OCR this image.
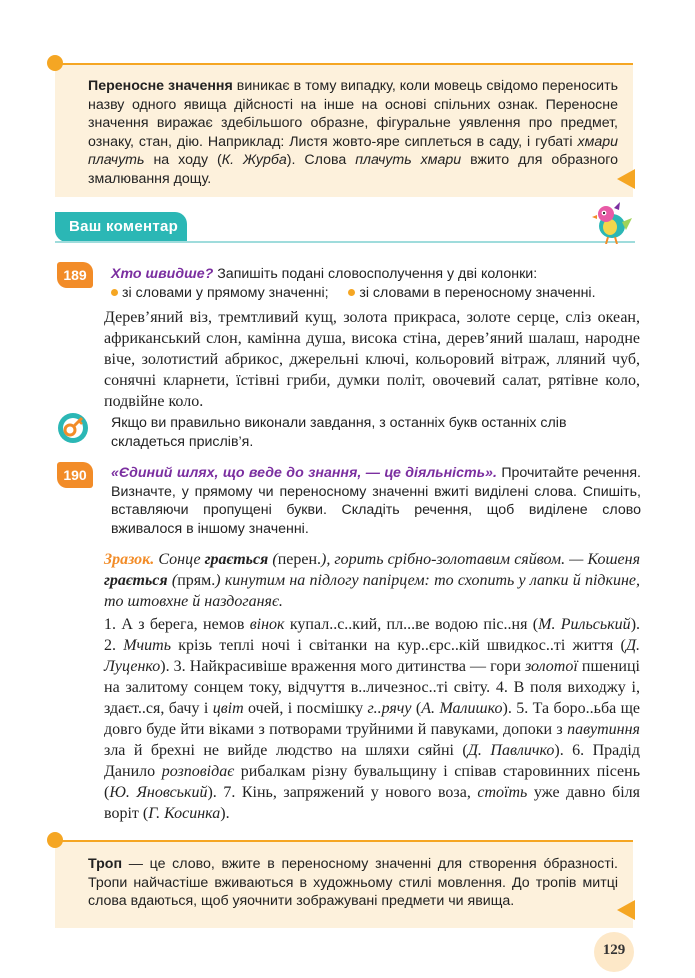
Переносне значення виникає в тому випадку, коли мовець свідомо переносить назву одного явища дійсності на інше на основі спільних ознак. Переносне значення виражає здебільшого образне, фігуральне уявлення про предмет, ознаку, стан, дію. Наприклад: Листя жовто-яре сиплеться в саду, і губаті хмари плачуть на ходу (К. Журба). Слова плачуть хмари вжито для образного змалювання дощу.

Ваш коментар
189	Хто швидше? Запишіть подані словосполучення у дві колонки:
зі словами у прямому значенні; зі словами в переносному значенні.
Дерев’яний віз, тремтливий кущ, золота прикраса, золоте серце, сліз океан, африканський слон, камінна душа, висока стіна, дерев’яний шалаш, народне віче, золотистий абрикос, джерельні ключі, кольоровий вітраж, лляний чуб, сонячні кларнети, їстівні гриби, думки політ, овочевий салат, рятівне коло, подвійне коло.
Якщо ви правильно виконали завдання, з останніх букв останніх слів складеться прислів’я.
190	«Єдиний шлях, що веде до знання, — це діяльність». Прочитайте речення. Визначте, у прямому чи переносному значенні вжиті виділені слова. Спишіть, вставляючи пропущені букви. Складіть речення, щоб виділене слово вживалося в іншому значенні.
Зразок. Сонце грається (перен.), горить срібно-золотавим сяйвом. — Кошеня грається (прям.) кинутим на підлогу папірцем: то схопить у лапки й підкине, то штовхне й наздоганяє.
1. А з берега, немов вінок купал..с..кий, пл...ве водою піс..ня (М. Рильський). 2. Мчить крізь теплі ночі і світанки на кур..єрс..кій швидкос..ті життя (Д. Луценко). 3. Найкрасивіше враження мого дитинства — гори золотої пшениці на залитому сонцем току, відчуття в..личезнос..ті світу. 4. В поля виходжу і, здаєт..ся, бачу і цвіт очей, і посмішку г..рячу (А. Малишко). 5. Та боро..ьба ще довго буде йти віками з потворами труйними й павуками, допоки з павутиння зла й брехні не вийде людство на шляхи сяйні (Д. Павличко). 6. Прадід Данило розповідає рибалкам різну бувальщину і співав старовинних пісень (Ю. Яновський). 7. Кінь, запряжений у нового воза, стоїть уже давно біля воріт (Г. Косинка).

Троп — це слово, вжите в переносному значенні для створення óбразності. Тропи найчастіше вживаються в художньому стилі мовлення. До тропів митці слова вдаються, щоб уяочнити зображувані предмети чи явища.

129
